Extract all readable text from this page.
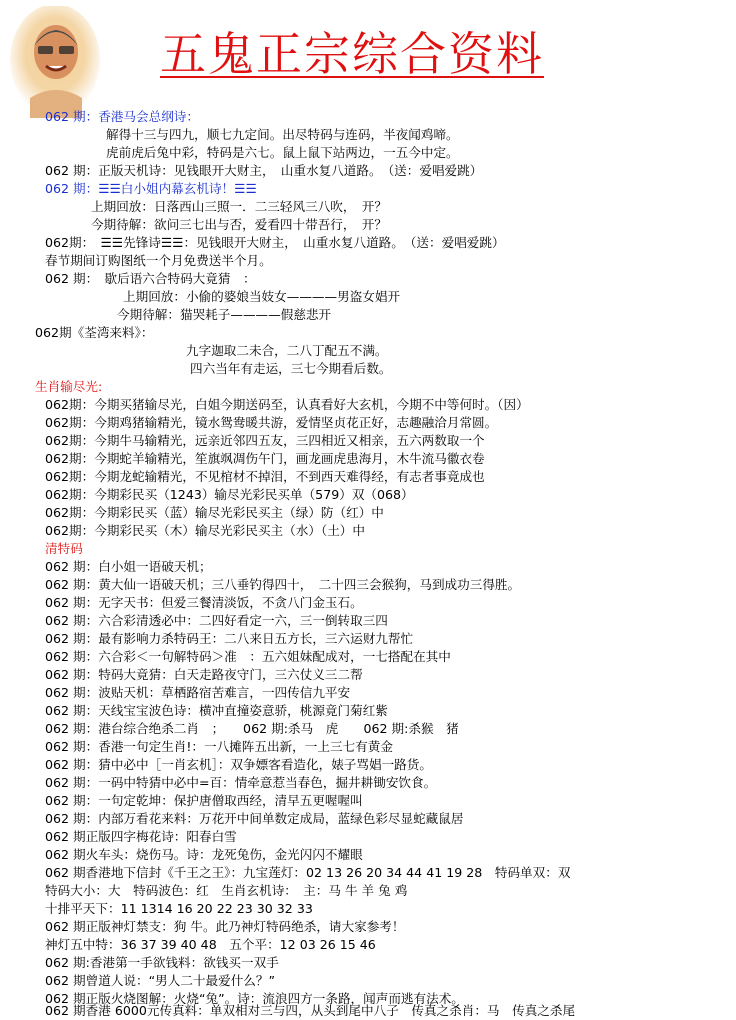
五鬼正宗综合资料
062 期：香港马会总纲诗：
解得十三与四九，顺七九定间。出尽特码与连码，半夜闻鸡啼。
虎前虎后兔中彩，特码是六七。鼠上鼠下站两边，一五今中定。
062 期：正版天机诗：见钱眼开大财主，　山重水复八道路。　（送：爱唱爱跳）
062 期：☰☰白小姐内幕玄机诗！☰☰
上期回放：日落西山三照一．二三轻风三八吹，　开？
今期待解：欲问三七出与否，爱看四十带吾行，　开？
062期：　☰☰先锋诗☰☰：见钱眼开大财主，　山重水复八道路。　（送：爱唱爱跳）
春节期间订购图纸一个月免费送半个月。
062 期：　歇后语六合特码大竟猜　：
上期回放：小偷的婆娘当妓女————男盗女娼开
今期待解：猫哭耗子————假慈悲开
062期《荃湾来料》：
九字迦取二未合，二八丁配五不满。
四六当年有走运，三七今期看后数。
生肖输尽光:
062期：今期买猪输尽光，白姐今期送码至，认真看好大玄机，今期不中等何时。（因）
062期：今期鸡猪输精光，镜水鸳鸯暖共游，爱情坚贞花正好，志趣融洽月常圆。
062期：今期牛马输精光，远亲近邻四五友，三四相近又相亲，五六两数取一个
062期：今期蛇羊输精光，笙旗飒凋伤午门，画龙画虎患海月，木牛流马徽衣卷
062期：今期龙蛇输精光，不见棺材不掉泪，不到西天难得经，有志者事竟成也
062期：今期彩民买（1243）输尽光彩民买单（579）双（068）
062期：今期彩民买（蓝）输尽光彩民买主（绿）防（红）中
062期：今期彩民买（木）输尽光彩民买主（水）（土）中
清特码
062 期：白小姐一语破天机；
062 期：黄大仙一语破天机；三八垂钓得四十，　二十四三会猴狗，马到成功三得胜。
062 期：无字天书：但爱三餐清淡饭，不贪八门金玉石。
062 期：六合彩清透必中：二四好看定一六，三一倒转取三四
062 期：最有影响力杀特码王：二八来日五方长，三六运财九帮忙
062 期：六合彩＜一句解特码＞准　：五六姐妹配成对，一七搭配在其中
062 期：特码大竟猜：白天走路夜守门，三六仗义三二帮
062 期：波贴天机：草栖路宿苦难言，一四传信九平安
062 期：天线宝宝波色诗：横冲直撞姿意骄，桃源竟门菊红紫
062 期：港台综合绝杀二肖　；　　062 期:杀马　虎　　062 期:杀猴　猪
062 期：香港一句定生肖!：一八摊阵五出新，一上三七有黄金
062 期：猜中必中［一肖玄机］：双争嫖客看造化，婊子骂娼一路货。
062 期：一码中特猜中必中=百：情牵意惹当春色，掘井耕锄安饮食。
062 期：一句定乾坤：保护唐僧取西经，清早五更喔喔叫
062 期：内部万看花来料：万花开中间单数定成局，蓝绿色彩尽显蛇藏鼠居
062 期正版四字梅花诗：阳春白雪
062 期火车头：烧伤马。诗：龙死兔伤，金光闪闪不耀眼
062 期香港地下信封《千王之王》：九宝莲灯：02 13 26 20 34 44 41 19 28　特码单双：双
特码大小：大　特码波色：红　生肖玄机诗：　主：马 牛 羊 兔 鸡
十排平天下：11 1314 16 20 22 23 30 32 33
062 期正版神灯禁支：狗 牛。此乃神灯特码绝杀，请大家参考！
神灯五中特：36 37 39 40 48　五个平：12 03 26 15 46
062 期:香港第一手欲钱料：欲钱买一双手
062 期曾道人说：“男人二十最爱什么？”
062 期正版火烧图解：火烧“兔”。诗：流浪四方一条路，闻声而逃有法术。
062 期香港 6000元传真料：单双相对三与四，从头到尾中八子　传真之杀肖：马　传真之杀尾
